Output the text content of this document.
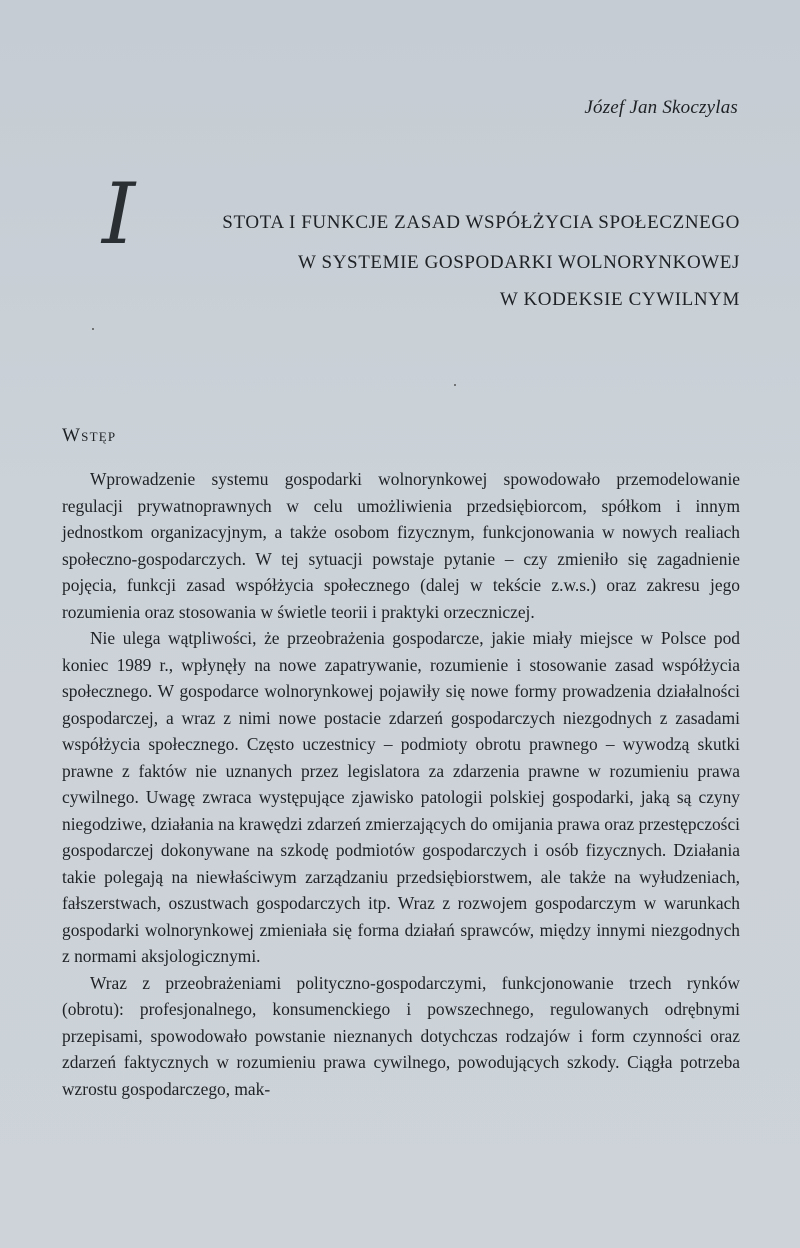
Józef Jan Skoczylas
I	STOTA I FUNKCJE ZASAD WSPÓŁŻYCIA SPOŁECZNEGO
W SYSTEMIE GOSPODARKI WOLNORYNKOWEJ
W KODEKSIE CYWILNYM
Wstęp

Wprowadzenie systemu gospodarki wolnorynkowej spowodowało przemodelowanie regulacji prywatnoprawnych w celu umożliwienia przedsiębiorcom, spółkom i innym jednostkom organizacyjnym, a także osobom fizycznym, funkcjonowania w nowych realiach społeczno-gospodarczych. W tej sytuacji powstaje pytanie – czy zmieniło się zagadnienie pojęcia, funkcji zasad współżycia społecznego (dalej w tekście z.w.s.) oraz zakresu jego rozumienia oraz stosowania w świetle teorii i praktyki orzeczniczej.

Nie ulega wątpliwości, że przeobrażenia gospodarcze, jakie miały miejsce w Polsce pod koniec 1989 r., wpłynęły na nowe zapatrywanie, rozumienie i stosowanie zasad współżycia społecznego. W gospodarce wolnorynkowej pojawiły się nowe formy prowadzenia działalności gospodarczej, a wraz z nimi nowe postacie zdarzeń gospodarczych niezgodnych z zasadami współżycia społecznego. Często uczestnicy – podmioty obrotu prawnego – wywodzą skutki prawne z faktów nie uznanych przez legislatora za zdarzenia prawne w rozumieniu prawa cywilnego. Uwagę zwraca występujące zjawisko patologii polskiej gospodarki, jaką są czyny niegodziwe, działania na krawędzi zdarzeń zmierzających do omijania prawa oraz przestępczości gospodarczej dokonywane na szkodę podmiotów gospodarczych i osób fizycznych. Działania takie polegają na niewłaściwym zarządzaniu przedsiębiorstwem, ale także na wyłudzeniach, fałszerstwach, oszustwach gospodarczych itp. Wraz z rozwojem gospodarczym w warunkach gospodarki wolnorynkowej zmieniała się forma działań sprawców, między innymi niezgodnych z normami aksjologicznymi.

Wraz z przeobrażeniami polityczno-gospodarczymi, funkcjonowanie trzech rynków (obrotu): profesjonalnego, konsumenckiego i powszechnego, regulowanych odrębnymi przepisami, spowodowało powstanie nieznanych dotychczas rodzajów i form czynności oraz zdarzeń faktycznych w rozumieniu prawa cywilnego, powodujących szkody. Ciągła potrzeba wzrostu gospodarczego, mak-
